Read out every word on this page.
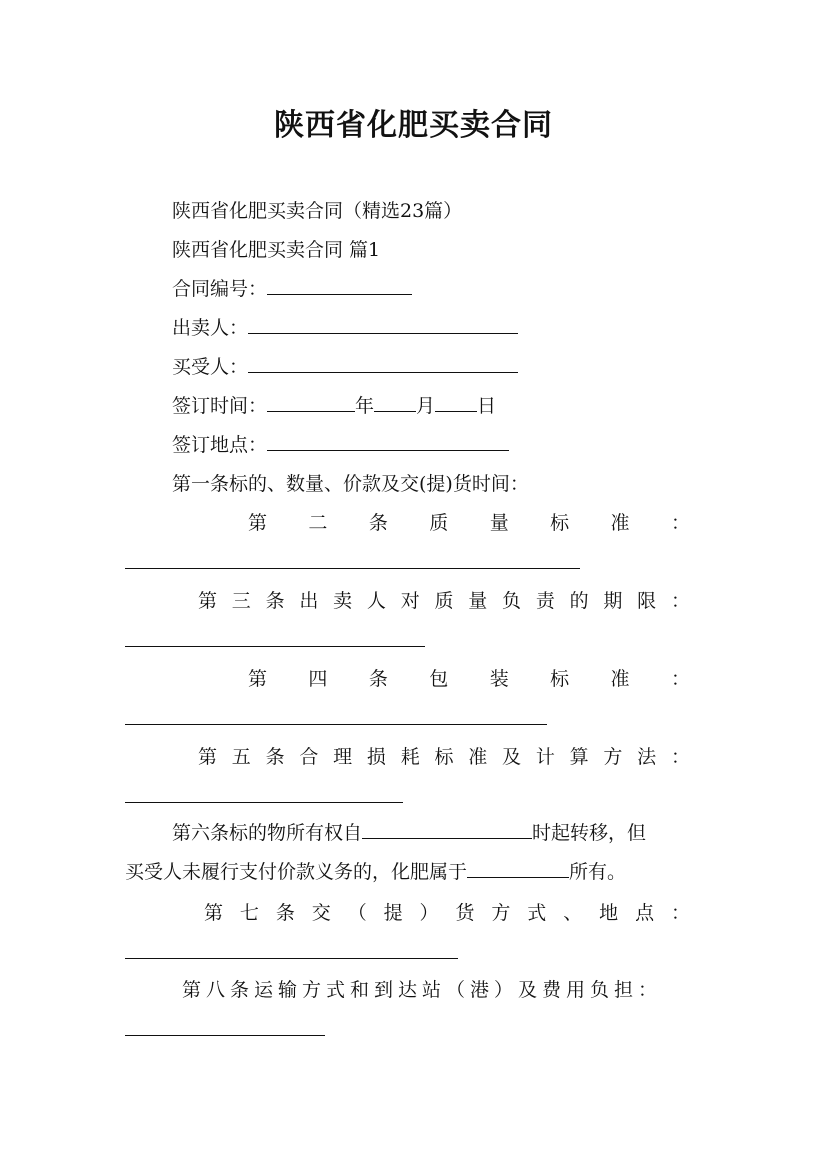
陕西省化肥买卖合同
陕西省化肥买卖合同（精选23篇）
陕西省化肥买卖合同 篇1
合同编号：
出卖人：
买受人：
签订时间：	年 月 日
签订地点：
第一条标的、数量、价款及交(提)货时间：
第 二 条 质 量 标 准 ：
第 三 条 出 卖 人 对 质 量 负 责 的 期 限 ：
第 四 条 包 装 标 准 ：
第 五 条 合 理 损 耗 标 准 及 计 算 方 法 ：
第六条标的物所有权自	时起转移，但
买受人未履行支付价款义务的，化肥属于	所有。
第 七 条 交 （ 提 ） 货 方 式 、 地 点 ：
第八条运输方式和到达站（港）及费用负担：
